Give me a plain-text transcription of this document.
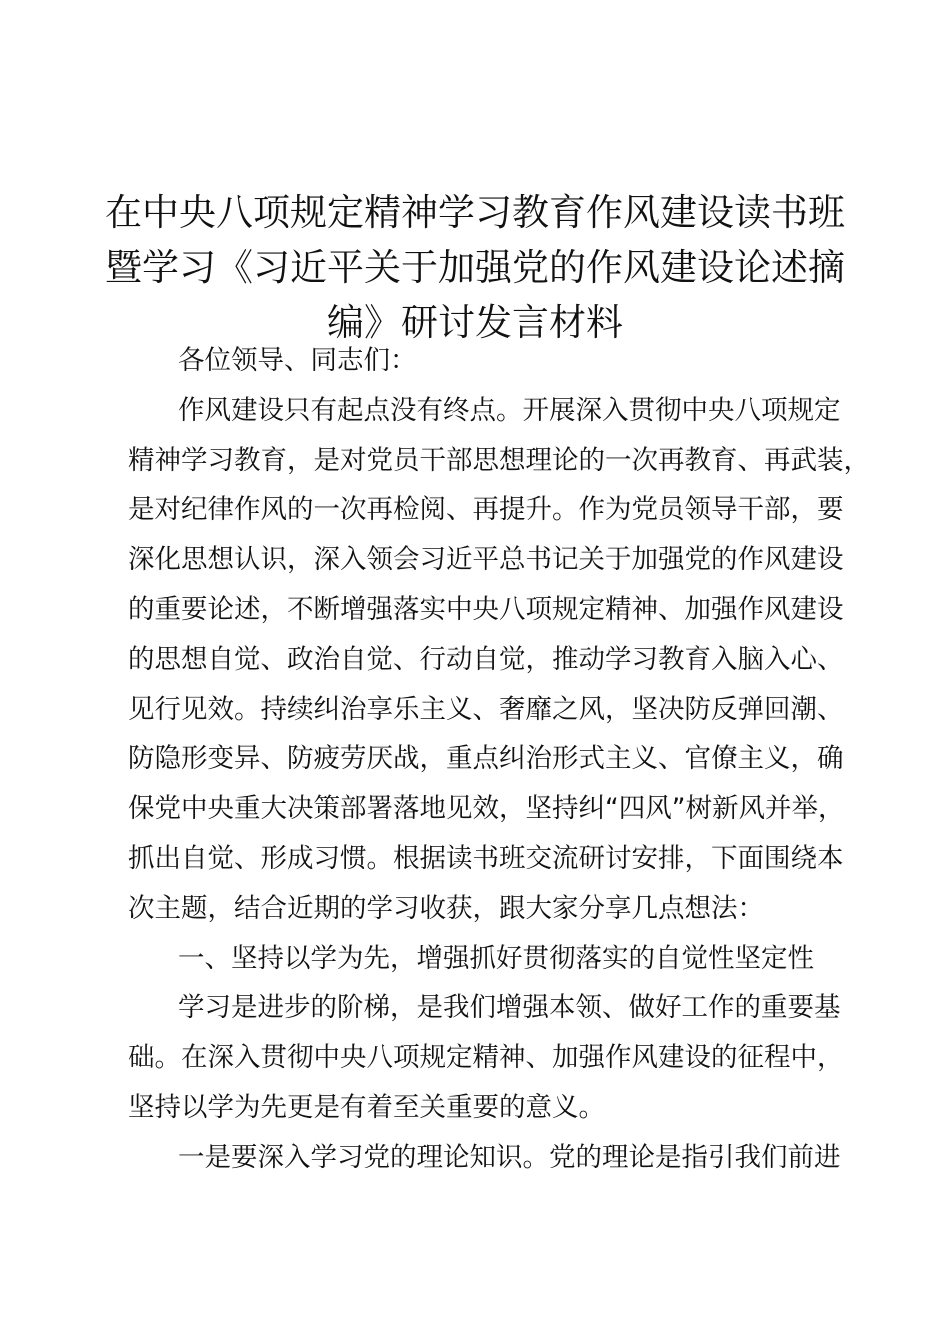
在中央八项规定精神学习教育作风建设读书班
暨学习《习近平关于加强党的作风建设论述摘
编》研讨发言材料

各位领导、同志们：

作风建设只有起点没有终点。开展深入贯彻中央八项规定
精神学习教育，是对党员干部思想理论的一次再教育、再武装，
是对纪律作风的一次再检阅、再提升。作为党员领导干部，要
深化思想认识，深入领会习近平总书记关于加强党的作风建设
的重要论述，不断增强落实中央八项规定精神、加强作风建设
的思想自觉、政治自觉、行动自觉，推动学习教育入脑入心、
见行见效。持续纠治享乐主义、奢靡之风，坚决防反弹回潮、
防隐形变异、防疲劳厌战，重点纠治形式主义、官僚主义，确
保党中央重大决策部署落地见效，坚持纠“四风”树新风并举，
抓出自觉、形成习惯。根据读书班交流研讨安排，下面围绕本
次主题，结合近期的学习收获，跟大家分享几点想法：

一、坚持以学为先，增强抓好贯彻落实的自觉性坚定性

学习是进步的阶梯，是我们增强本领、做好工作的重要基
础。在深入贯彻中央八项规定精神、加强作风建设的征程中，
坚持以学为先更是有着至关重要的意义。

一是要深入学习党的理论知识。党的理论是指引我们前进
